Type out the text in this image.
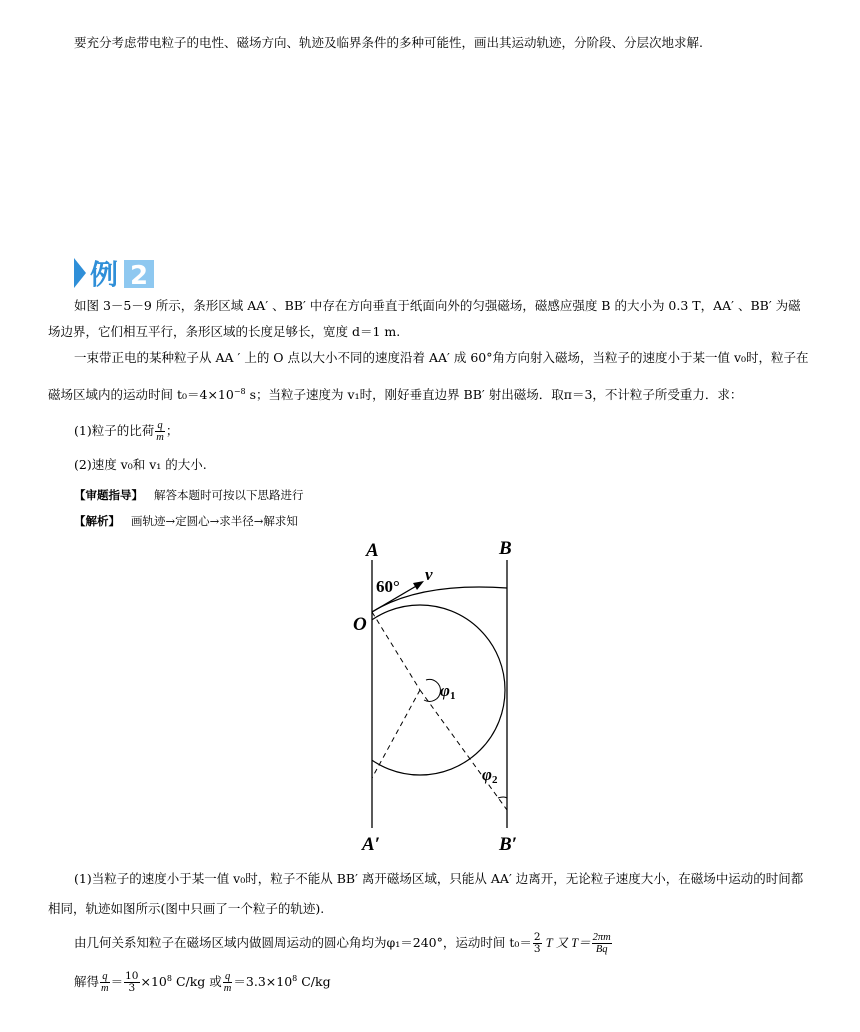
要充分考虑带电粒子的电性、磁场方向、轨迹及临界条件的多种可能性，画出其运动轨迹，分阶段、分层次地求解.
例 2
如图 3－5－9 所示，条形区域 AA′ 、BB′ 中存在方向垂直于纸面向外的匀强磁场，磁感应强度 B 的大小为 0.3 T，AA′ 、BB′ 为磁
场边界，它们相互平行，条形区域的长度足够长，宽度 d＝1 m.
一束带正电的某种粒子从 AA ′ 上的 O 点以大小不同的速度沿着 AA′ 成 60°角方向射入磁场，当粒子的速度小于某一值 v₀时，粒子在
磁场区域内的运动时间 $t_0=4\times 10^{-8}$ s；当粒子速度为 v₁时，刚好垂直边界 BB′ 射出磁场．取π＝3，不计粒子所受重力．求：
(1)粒子的比荷 $\frac{q}{m}$ ；
(2)速度 v₀和 v₁ 的大小.
【审题指导】 解答本题时可按以下思路进行
【解析】 画轨迹→定圆心→求半径→解求知
A	B
O
A′	B′
60°
v
φ1
φ2
(1)当粒子的速度小于某一值 v₀时，粒子不能从 BB′ 离开磁场区域，只能从 AA′ 边离开，无论粒子速度大小，在磁场中运动的时间都
相同，轨迹如图所示(图中只画了一个粒子的轨迹).
由几何关系知粒子在磁场区域内做圆周运动的圆心角均为φ₁＝240°，运动时间 $t_0= \frac{2}{3}$ T 又 $T= \frac{2\pi m}{Bq}$
解得 $\frac{q}{m} = \frac{10}{3} \times 10^8$ C/kg 或 $\frac{q}{m} =3.3\times 10^8$ C/kg
